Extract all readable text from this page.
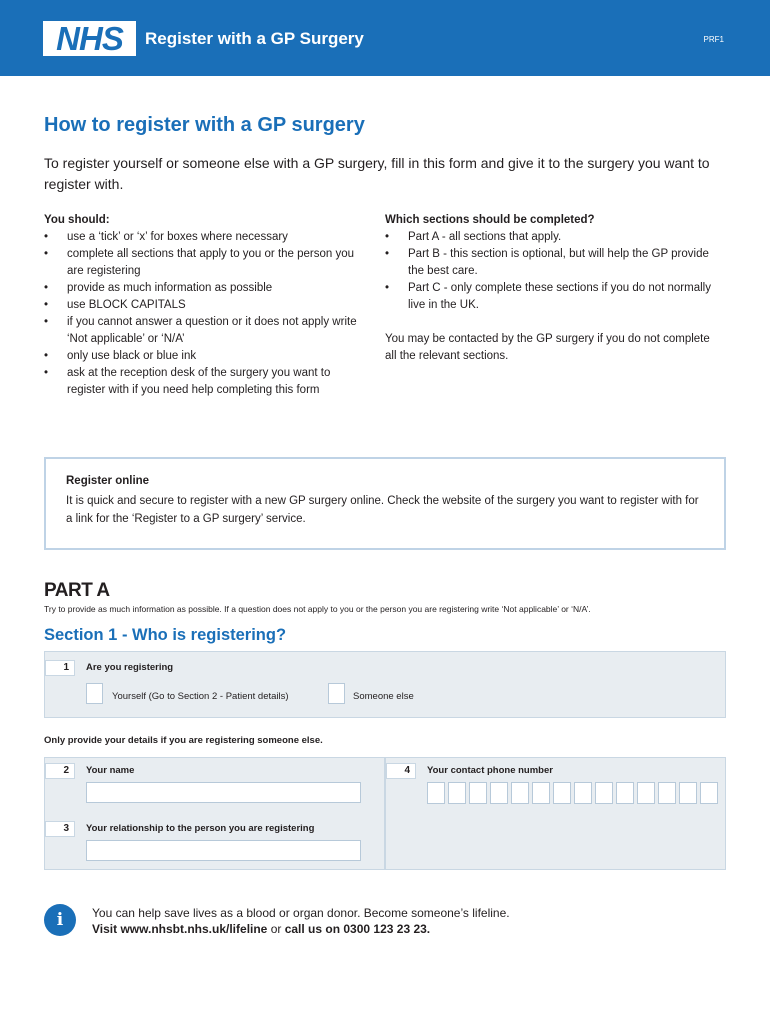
NHS	Register with a GP Surgery	PRF1
How to register with a GP surgery
To register yourself or someone else with a GP surgery, fill in this form and give it to the surgery you want to register with.
You should:
• use a ‘tick’ or ‘x’ for boxes where necessary
• complete all sections that apply to you or the person you are registering
• provide as much information as possible
• use BLOCK CAPITALS
• if you cannot answer a question or it does not apply write ‘Not applicable’ or ‘N/A’
• only use black or blue ink
• ask at the reception desk of the surgery you want to register with if you need help completing this form
Which sections should be completed?
• Part A - all sections that apply.
• Part B - this section is optional, but will help the GP provide the best care.
• Part C - only complete these sections if you do not normally live in the UK.
You may be contacted by the GP surgery if you do not complete all the relevant sections.
Register online
It is quick and secure to register with a new GP surgery online. Check the website of the surgery you want to register with for a link for the ‘Register to a GP surgery’ service.
PART A
Try to provide as much information as possible. If a question does not apply to you or the person you are registering write ‘Not applicable’ or ‘N/A’.
Section 1 - Who is registering?
1	Are you registering
Yourself (Go to Section 2 - Patient details)	Someone else
Only provide your details if you are registering someone else.
2	Your name
3	Your relationship to the person you are registering
4	Your contact phone number
i	You can help save lives as a blood or organ donor. Become someone’s lifeline.
Visit www.nhsbt.nhs.uk/lifeline or call us on 0300 123 23 23.
